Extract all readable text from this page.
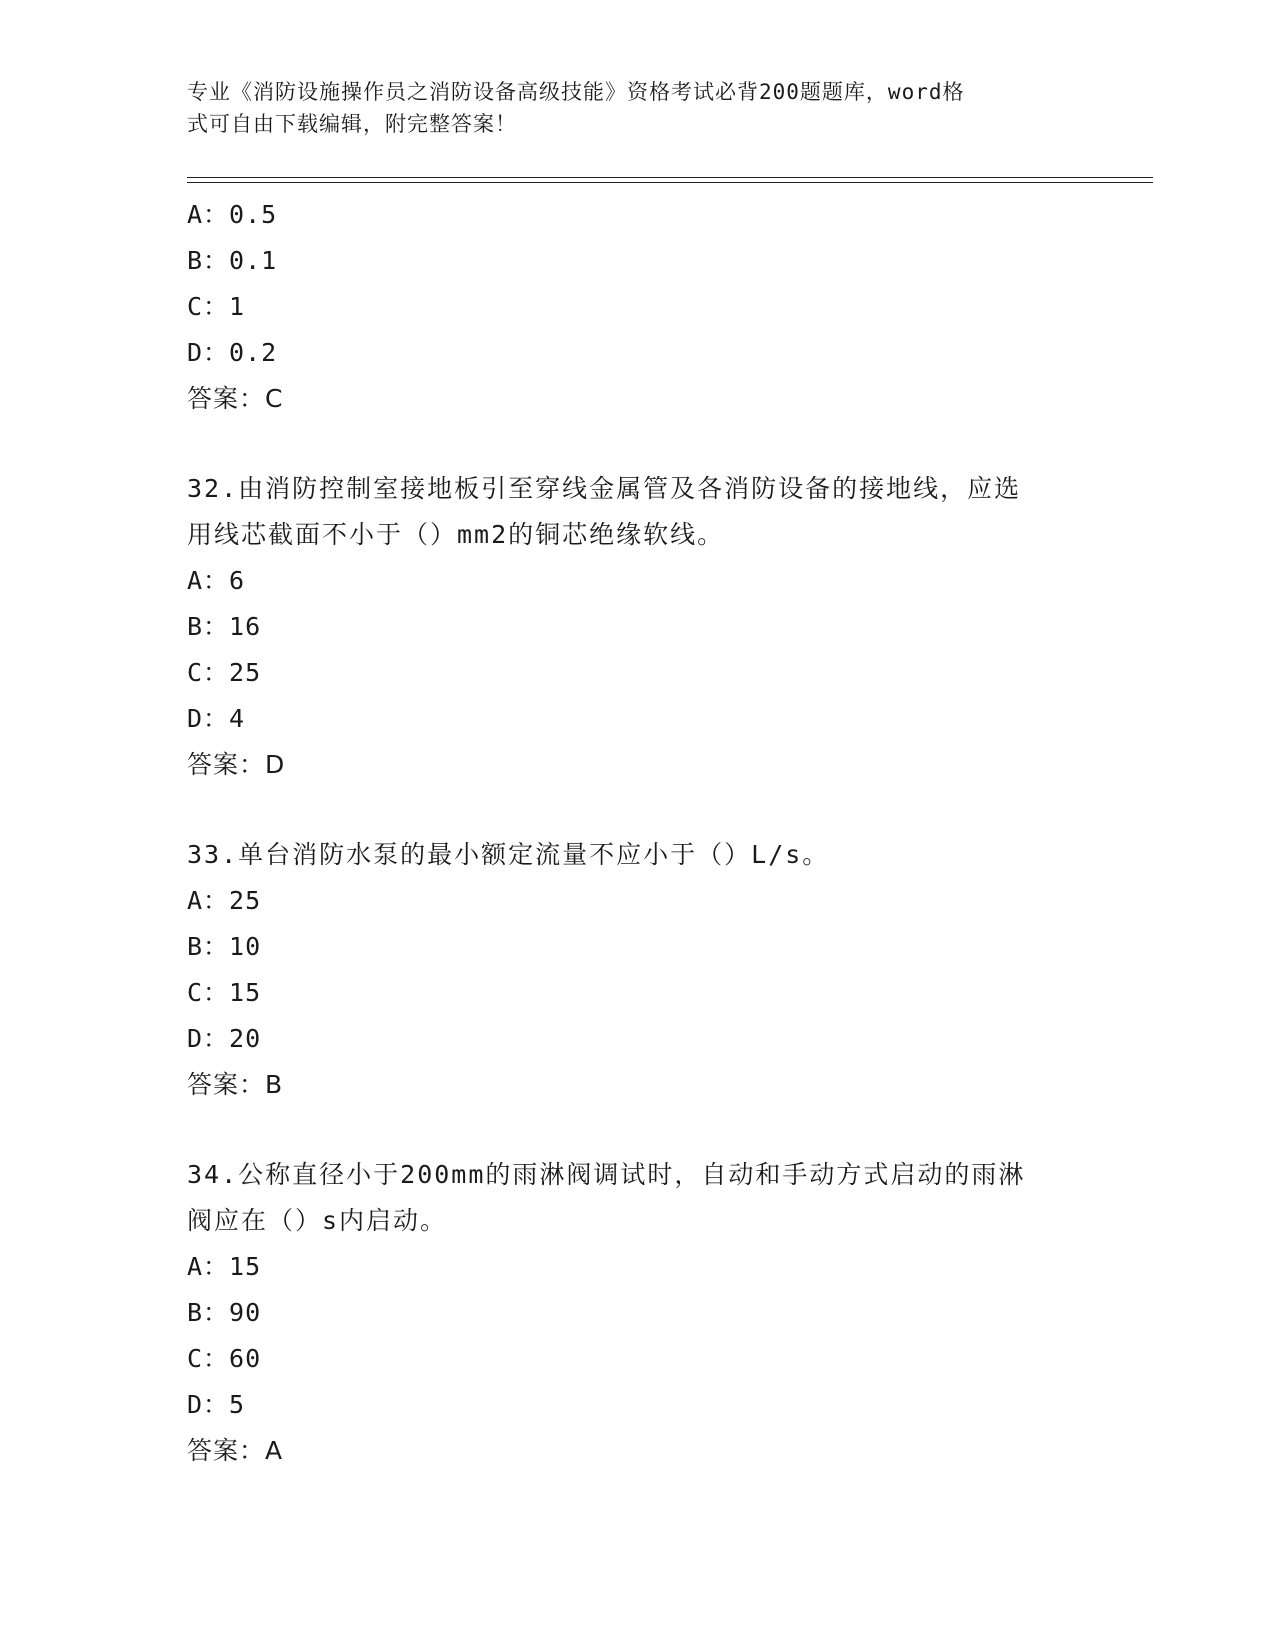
专业《消防设施操作员之消防设备高级技能》资格考试必背200题题库，word格
式可自由下载编辑，附完整答案！
A：0.5
B：0.1
C：1
D：0.2
答案：C
32.由消防控制室接地板引至穿线金属管及各消防设备的接地线，应选
用线芯截面不小于（）mm2的铜芯绝缘软线。
A：6
B：16
C：25
D：4
答案：D
33.单台消防水泵的最小额定流量不应小于（）L/s。
A：25
B：10
C：15
D：20
答案：B
34.公称直径小于200mm的雨淋阀调试时，自动和手动方式启动的雨淋
阀应在（）s内启动。
A：15
B：90
C：60
D：5
答案：A
